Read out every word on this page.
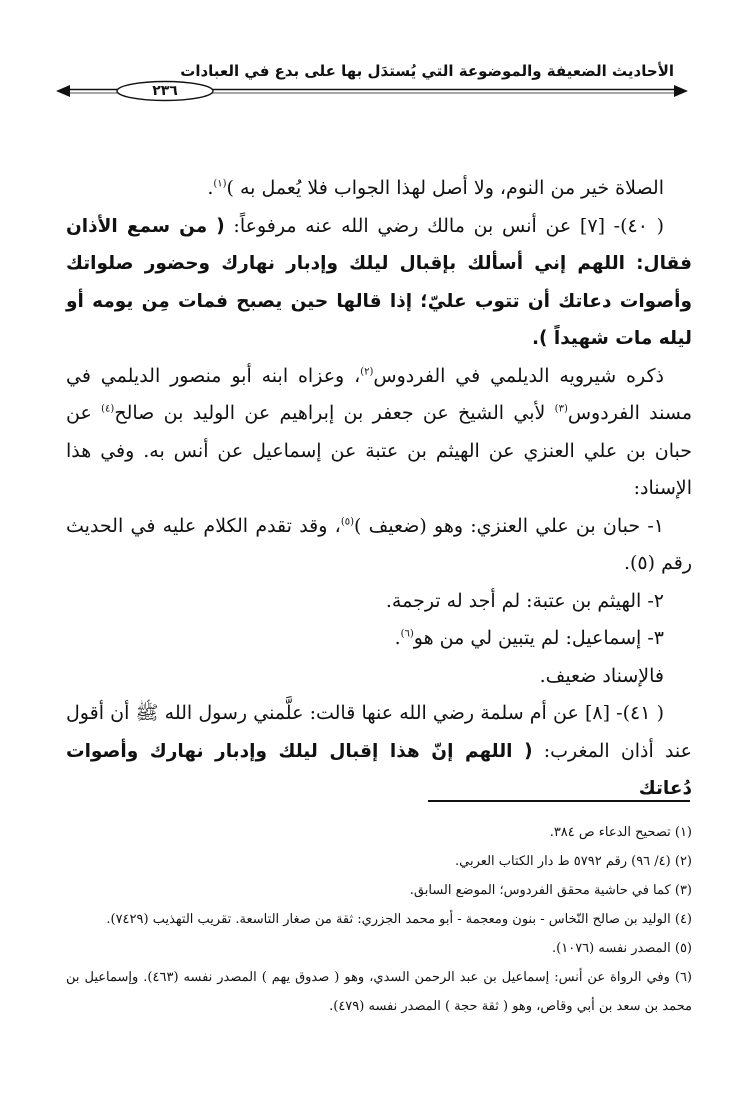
الأحاديث الضعيفة والموضوعة التي يُستدَل بها على بدع في العبادات
٢٣٦

الصلاة خير من النوم، ولا أصل لهذا الجواب فلا يُعمل به )$^{(١)}$.

( ٤٠)- [٧] عن أنس بن مالك رضي الله عنه مرفوعاً: ( من سمع الأذان فقال: اللهم إني أسألك بإقبال ليلك وإدبار نهارك وحضور صلواتك وأصوات دعاتك أن تتوب عليّ؛ إذا قالها حين يصبح فمات مِن يومه أو ليله مات شهيداً ).

ذكره شيرويه الديلمي في الفردوس$^{(٢)}$، وعزاه ابنه أبو منصور الديلمي في مسند الفردوس$^{(٣)}$ لأبي الشيخ عن جعفر بن إبراهيم عن الوليد بن صالح$^{(٤)}$ عن حبان بن علي العنزي عن الهيثم بن عتبة عن إسماعيل عن أنس به. وفي هذا الإسناد:

١- حبان بن علي العنزي: وهو (ضعيف )$^{(٥)}$، وقد تقدم الكلام عليه في الحديث رقم (٥).

٢- الهيثم بن عتبة: لم أجد له ترجمة.

٣- إسماعيل: لم يتبين لي من هو$^{(٦)}$.

فالإسناد ضعيف.

( ٤١)- [٨] عن أم سلمة رضي الله عنها قالت: علَّمني رسول الله ﷺ أن أقول عند أذان المغرب: ( اللهم إنّ هذا إقبال ليلك وإدبار نهارك وأصوات دُعاتك

(١) تصحيح الدعاء ص ٣٨٤.

(٢) (٤/ ٩٦) رقم ٥٧٩٢ ط دار الكتاب العربي.

(٣) كما في حاشية محقق الفردوس؛ الموضع السابق.

(٤) الوليد بن صالح النّخاس - بنون ومعجمة - أبو محمد الجزري: ثقة من صغار التاسعة. تقريب التهذيب (٧٤٢٩).

(٥) المصدر نفسه (١٠٧٦).

(٦) وفي الرواة عن أنس: إسماعيل بن عبد الرحمن السدي، وهو ( صدوق يهم ) المصدر نفسه (٤٦٣). وإسماعيل بن محمد بن سعد بن أبي وقاص، وهو ( ثقة حجة ) المصدر نفسه (٤٧٩).
